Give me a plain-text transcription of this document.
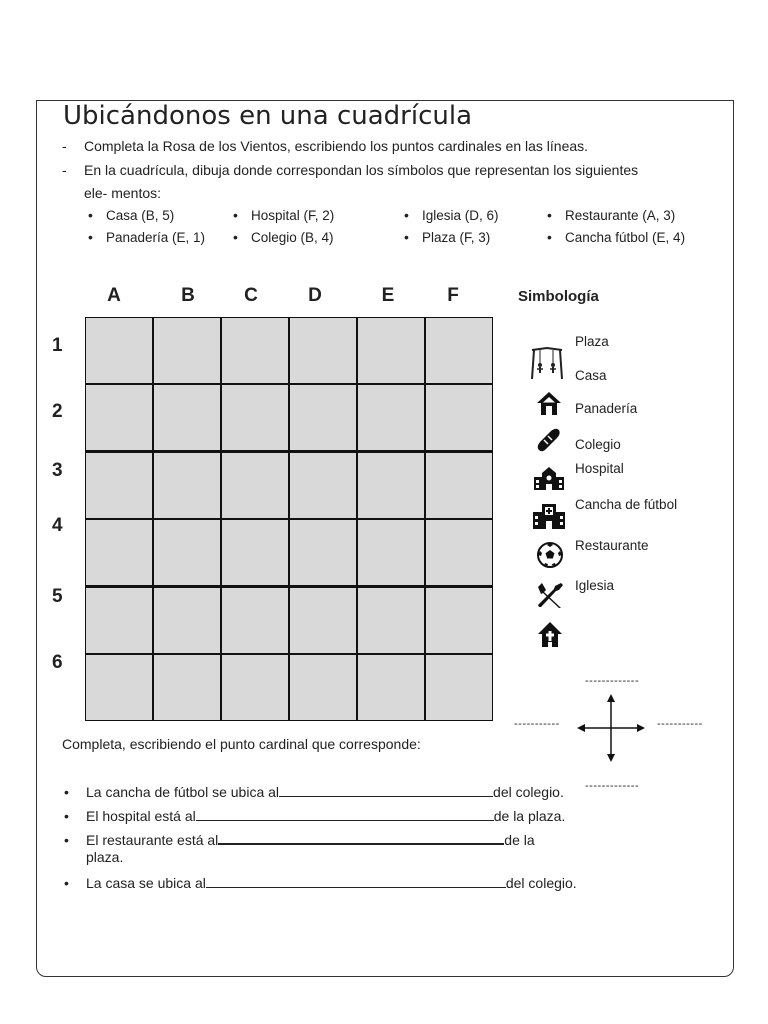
Ubicándonos en una cuadrícula
- Completa la Rosa de los Vientos, escribiendo los puntos cardinales en las líneas.
- En la cuadrícula, dibuja donde correspondan los símbolos que representan los siguientes
ele- mentos:
• Casa (B, 5)	• Hospital (F, 2)	• Iglesia (D, 6)	• Restaurante (A, 3)
• Panadería (E, 1)	• Colegio (B, 4)	• Plaza (F, 3)	• Cancha fútbol (E, 4)
A	B	C	D	E	F
1
2
3
4
5
6
Simbología
Plaza
Casa
Panadería
Colegio
Hospital
Cancha de fútbol
Restaurante
Iglesia
-------------
-----------	-----------
-------------
Completa, escribiendo el punto cardinal que corresponde:
• La cancha de fútbol se ubica al	del colegio.
• El hospital está al	de la plaza.
• El restaurante está al	de la
plaza.
• La casa se ubica al	del colegio.
